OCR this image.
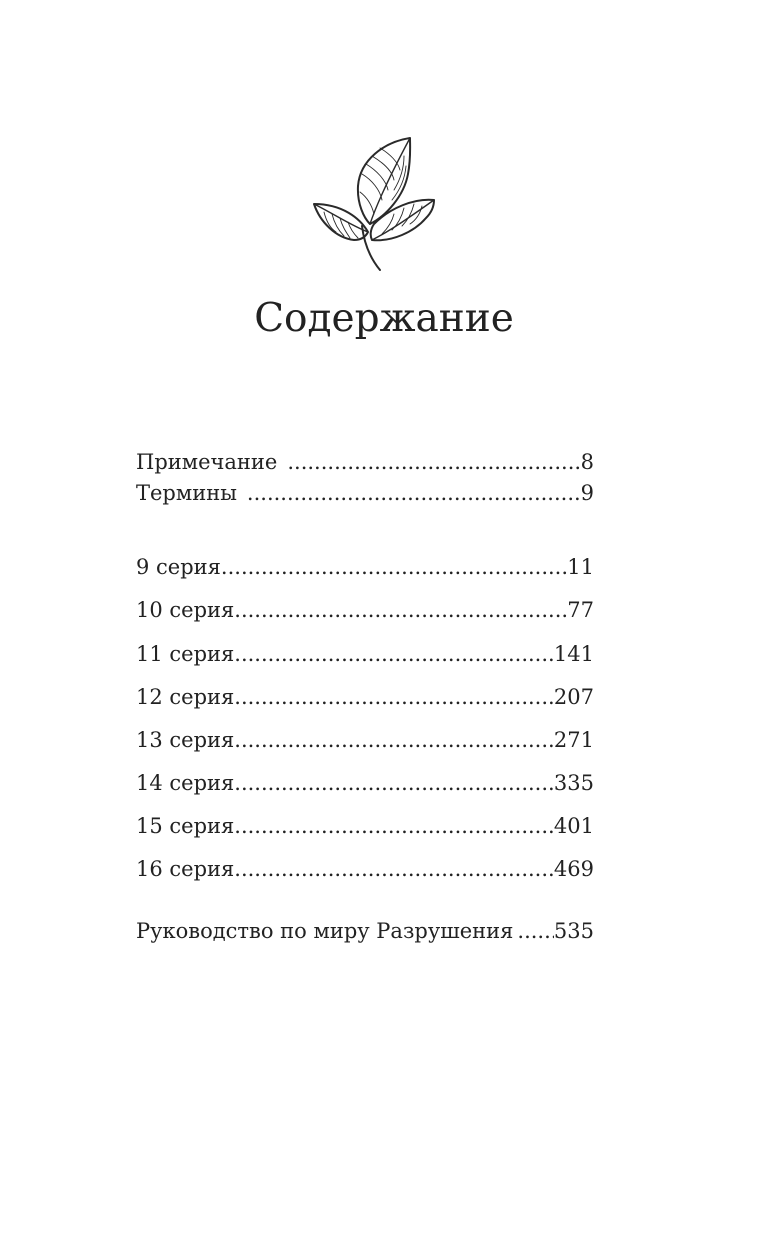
Содержание
Примечание .....	8
Термины .....	9
9 серия .....	11
10 серия .....	77
11 серия .....	141
12 серия .....	207
13 серия .....	271
14 серия .....	335
15 серия .....	401
16 серия .....	469
Руководство по миру Разрушения ..... 535
